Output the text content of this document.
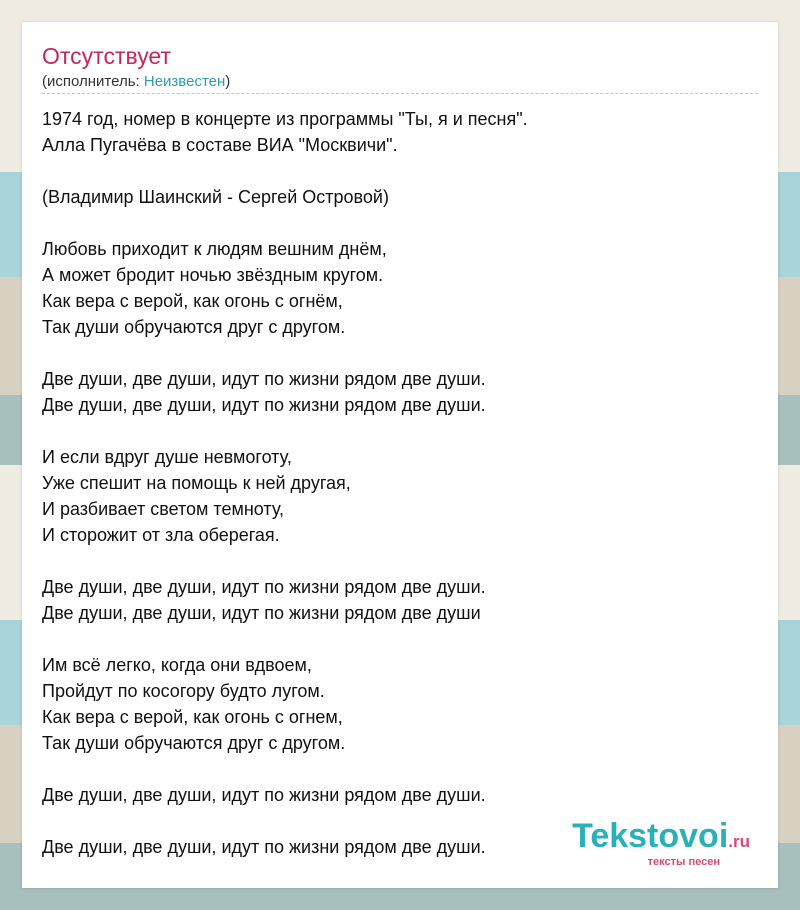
Отсутствует
(исполнитель: Неизвестен)
1974 год, номер в концерте из программы "Ты, я и песня".
Алла Пугачёва в составе ВИА "Москвичи".
(Владимир Шаинский - Сергей Островой)
Любовь приходит к людям вешним днём,
А может бродит ночью звёздным кругом.
Как вера с верой, как огонь с огнём,
Так души обручаются друг с другом.
Две души, две души, идут по жизни рядом две души.
Две души, две души, идут по жизни рядом две души.
И если вдруг душе невмоготу,
Уже спешит на помощь к ней другая,
И разбивает светом темноту,
И сторожит от зла оберегая.
Две души, две души, идут по жизни рядом две души.
Две души, две души, идут по жизни рядом две души
Им всё легко, когда они вдвоем,
Пройдут по косогору будто лугом.
Как вера с верой, как огонь с огнем,
Так души обручаются друг с другом.
Две души, две души, идут по жизни рядом две души.
Две души, две души, идут по жизни рядом две души.	Tekstovoi.ru
тексты песен
